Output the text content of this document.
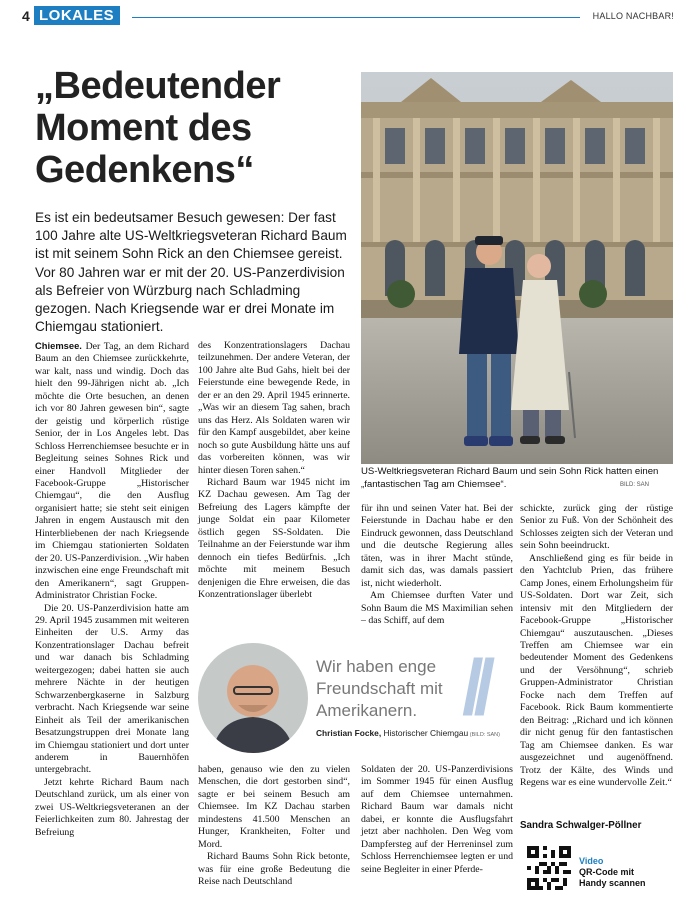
4 LOKALES	HALLO NACHBAR!
„Bedeutender Moment des Gedenkens“

Es ist ein bedeutsamer Besuch gewesen: Der fast 100 Jahre alte US-Weltkriegsveteran Richard Baum ist mit seinem Sohn Rick an den Chiemsee gereist. Vor 80 Jahren war er mit der 20. US-Panzerdivision als Befreier von Würzburg nach Schladming gezogen. Nach Kriegsende war er drei Monate im Chiemgau stationiert.

US-Weltkriegsveteran Richard Baum und sein Sohn Rick hatten einen „fantastischen Tag am Chiemsee“.	BILD: SAN

Chiemsee. Der Tag, an dem Richard Baum an den Chiemsee zurückkehrte, war kalt, nass und windig. Doch das hielt den 99-Jährigen nicht ab. „Ich möchte die Orte besuchen, an denen ich vor 80 Jahren gewesen bin“, sagte der geistig und körperlich rüstige Senior, der in Los Angeles lebt. Das Schloss Herrenchiemsee besuchte er in Begleitung seines Sohnes Rick und einer Handvoll Mitglieder der Facebook-Gruppe „Historischer Chiemgau“, die den Ausflug organisiert hatte; sie steht seit einigen Jahren in engem Austausch mit den Hinterbliebenen der nach Kriegsende im Chiemgau stationierten Soldaten der 20. US-Panzerdivision. „Wir haben inzwischen eine enge Freundschaft mit den Amerikanern“, sagt Gruppen-Administrator Christian Focke.

Die 20. US-Panzerdivision hatte am 29. April 1945 zusammen mit weiteren Einheiten der U.S. Army das Konzentrationslager Dachau befreit und war danach bis Schladming weitergezogen; dabei hatten sie auch mehrere Nächte in der heutigen Schwarzenbergkaserne in Salzburg verbracht. Nach Kriegsende war seine Einheit als Teil der amerikanischen Besatzungstruppen drei Monate lang im Chiemgau stationiert und dort unter anderem in Bauernhöfen untergebracht.

Jetzt kehrte Richard Baum nach Deutschland zurück, um als einer von zwei US-Weltkriegsveteranen an der Feierlichkeiten zum 80. Jahrestag der Befreiung

des Konzentrationslagers Dachau teilzunehmen. Der andere Veteran, der 100 Jahre alte Bud Gahs, hielt bei der Feierstunde eine bewegende Rede, in der er an den 29. April 1945 erinnerte. „Was wir an diesem Tag sahen, brach uns das Herz. Als Soldaten waren wir für den Kampf ausgebildet, aber keine noch so gute Ausbildung hätte uns auf das vorbereiten können, was wir hinter diesen Toren sahen.“

Richard Baum war 1945 nicht im KZ Dachau gewesen. Am Tag der Befreiung des Lagers kämpfte der junge Soldat ein paar Kilometer östlich gegen SS-Soldaten. Die Teilnahme an der Feierstunde war ihm dennoch ein tiefes Bedürfnis. „Ich möchte mit meinem Besuch denjenigen die Ehre erweisen, die das Konzentrationslager überlebt

für ihn und seinen Vater hat. Bei der Feierstunde in Dachau habe er den Eindruck gewonnen, dass Deutschland und die deutsche Regierung alles täten, was in ihrer Macht stünde, damit sich das, was damals passiert ist, nicht wiederholt.

Am Chiemsee durften Vater und Sohn Baum die MS Maximilian sehen – das Schiff, auf dem

schickte, zurück ging der rüstige Senior zu Fuß. Von der Schönheit des Schlosses zeigten sich der Veteran und sein Sohn beeindruckt.

Anschließend ging es für beide in den Yachtclub Prien, das frühere Camp Jones, einem Erholungsheim für US-Soldaten. Dort war Zeit, sich intensiv mit den Mitgliedern der Facebook-Gruppe „Historischer Chiemgau“ auszutauschen. „Dieses Treffen am Chiemsee war ein bedeutender Moment des Gedenkens und der Versöhnung“, schrieb Gruppen-Administrator Christian Focke nach dem Treffen auf Facebook. Rick Baum kommentierte den Beitrag: „Richard und ich können dir nicht genug für den fantastischen Tag am Chiemsee danken. Es war ausgezeichnet und augenöffnend. Trotz der Kälte, des Winds und Regens war es eine wundervolle Zeit.“

Wir haben enge Freundschaft mit Amerikanern. //
Christian Focke, Historischer Chiemgau (BILD: SAN)

haben, genauso wie den zu vielen Menschen, die dort gestorben sind“, sagte er bei seinem Besuch am Chiemsee. Im KZ Dachau starben mindestens 41.500 Menschen an Hunger, Krankheiten, Folter und Mord.

Richard Baums Sohn Rick betonte, was für eine große Bedeutung die Reise nach Deutschland

Soldaten der 20. US-Panzerdivisions im Sommer 1945 für einen Ausflug auf dem Chiemsee unternahmen. Richard Baum war damals nicht dabei, er konnte die Ausflugsfahrt jetzt aber nachholen. Den Weg vom Dampfersteg auf der Herreninsel zum Schloss Herrenchiemsee legten er und seine Begleiter in einer Pferde-

Sandra Schwalger-Pöllner
Video
QR-Code mit
Handy scannen
